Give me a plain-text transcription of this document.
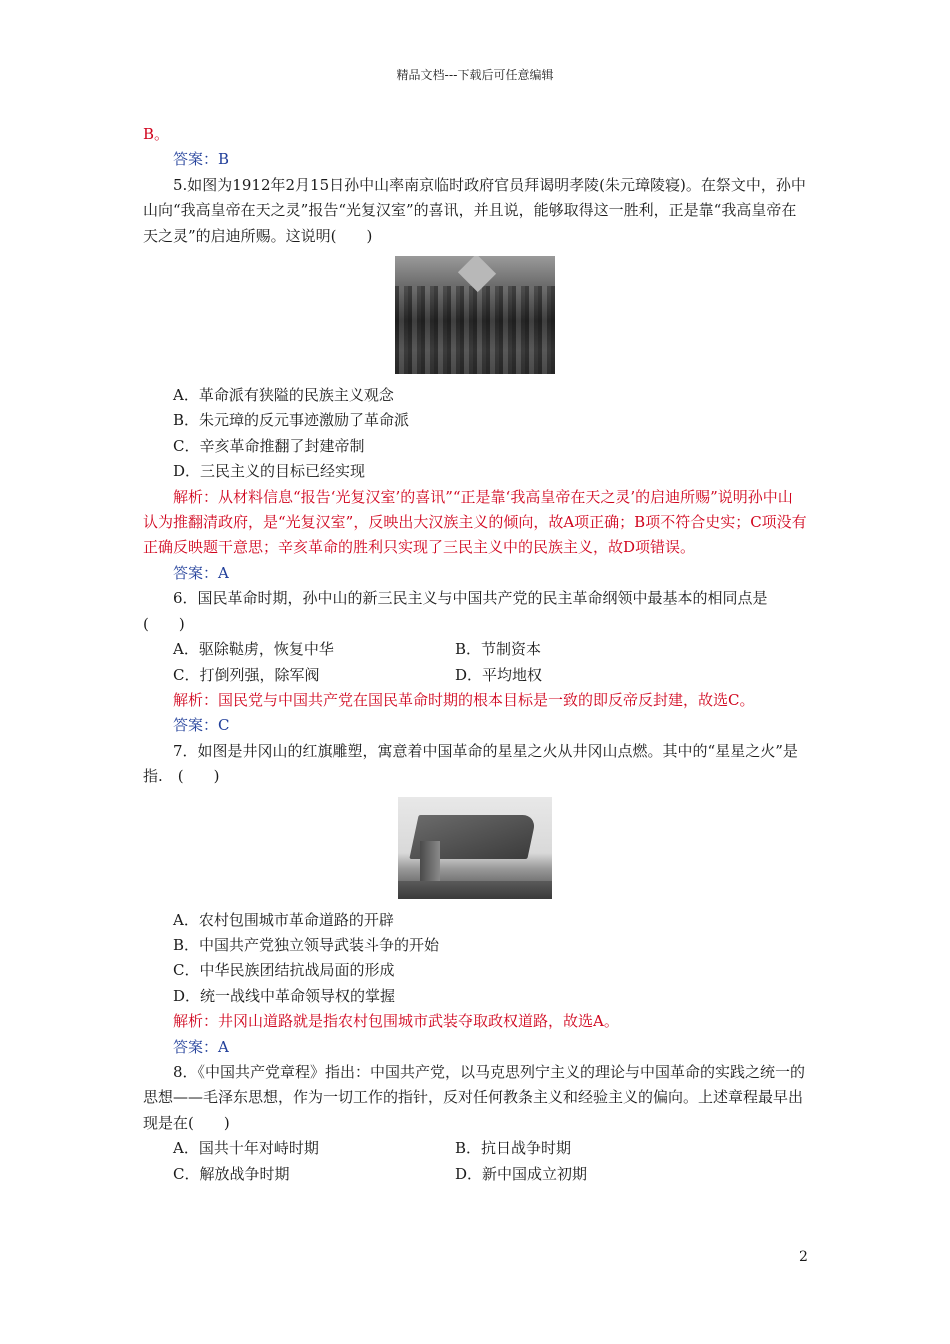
精品文档---下载后可任意编辑

B。

答案：B

5.如图为1912年2月15日孙中山率南京临时政府官员拜谒明孝陵(朱元璋陵寝)。在祭文中，孙中山向“我高皇帝在天之灵”报告“光复汉室”的喜讯，并且说，能够取得这一胜利，正是靠“我高皇帝在天之灵”的启迪所赐。这说明(　　)

A．革命派有狭隘的民族主义观念

B．朱元璋的反元事迹激励了革命派

C．辛亥革命推翻了封建帝制

D．三民主义的目标已经实现

解析：从材料信息“报告‘光复汉室’的喜讯”“正是靠‘我高皇帝在天之灵’的启迪所赐”说明孙中山认为推翻清政府，是“光复汉室”，反映出大汉族主义的倾向，故A项正确；B项不符合史实；C项没有正确反映题干意思；辛亥革命的胜利只实现了三民主义中的民族主义，故D项错误。

答案：A

6．国民革命时期，孙中山的新三民主义与中国共产党的民主革命纲领中最基本的相同点是　(　　)

A．驱除鞑虏，恢复中华	B．节制资本
C．打倒列强，除军阀	D．平均地权

解析：国民党与中国共产党在国民革命时期的根本目标是一致的即反帝反封建，故选C。

答案：C

7．如图是井冈山的红旗雕塑，寓意着中国革命的星星之火从井冈山点燃。其中的“星星之火”是指.　(　　)

A．农村包围城市革命道路的开辟

B．中国共产党独立领导武装斗争的开始

C．中华民族团结抗战局面的形成

D．统一战线中革命领导权的掌握

解析：井冈山道路就是指农村包围城市武装夺取政权道路，故选A。

答案：A

8．《中国共产党章程》指出：中国共产党，以马克思列宁主义的理论与中国革命的实践之统一的思想——毛泽东思想，作为一切工作的指针，反对任何教条主义和经验主义的偏向。上述章程最早出现是在(　　)

A．国共十年对峙时期	B．抗日战争时期
C．解放战争时期	D．新中国成立初期
2
